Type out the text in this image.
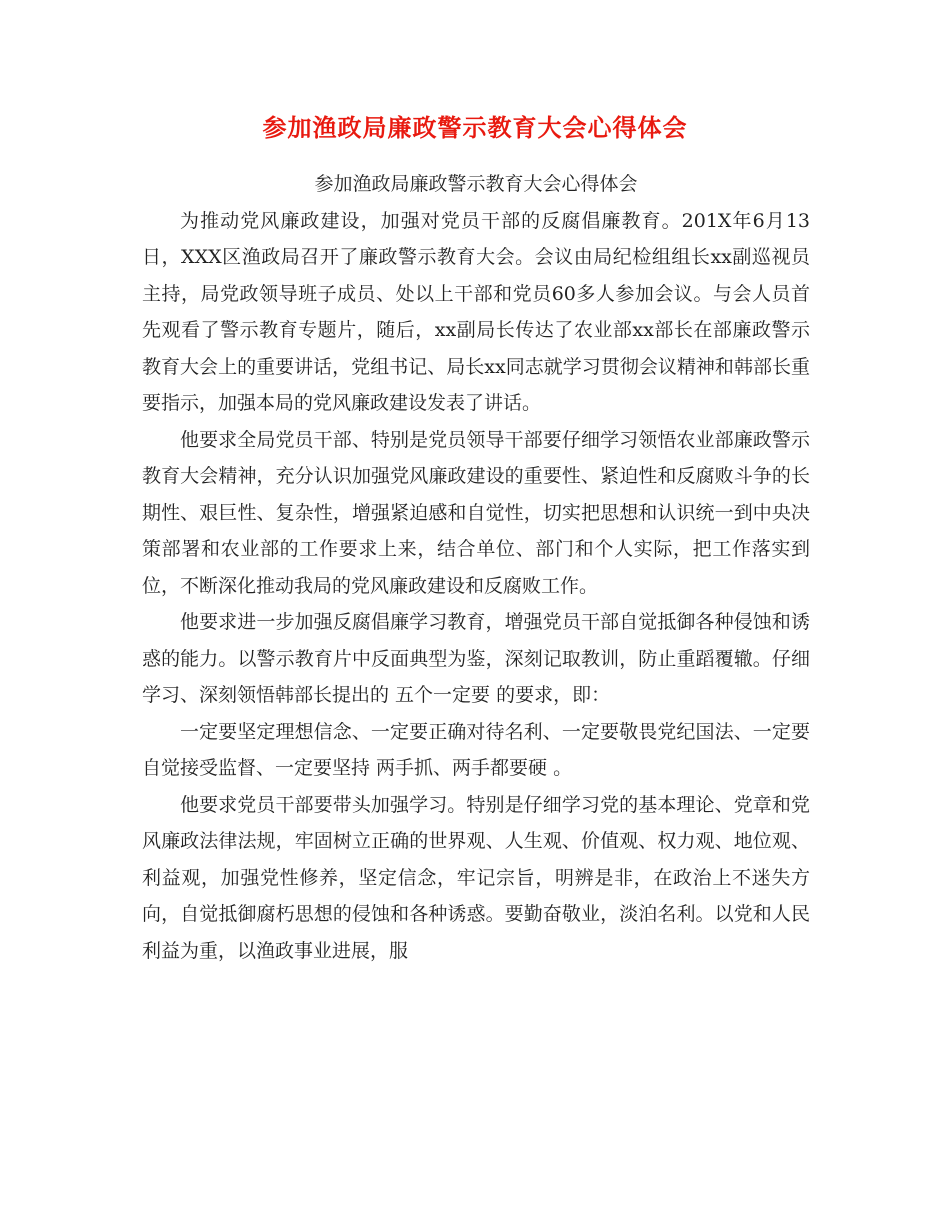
参加渔政局廉政警示教育大会心得体会

参加渔政局廉政警示教育大会心得体会

为推动党风廉政建设，加强对党员干部的反腐倡廉教育。201X年6月13日，XXX区渔政局召开了廉政警示教育大会。会议由局纪检组组长xx副巡视员主持，局党政领导班子成员、处以上干部和党员60多人参加会议。与会人员首先观看了警示教育专题片，随后，xx副局长传达了农业部xx部长在部廉政警示教育大会上的重要讲话，党组书记、局长xx同志就学习贯彻会议精神和韩部长重要指示，加强本局的党风廉政建设发表了讲话。

他要求全局党员干部、特别是党员领导干部要仔细学习领悟农业部廉政警示教育大会精神，充分认识加强党风廉政建设的重要性、紧迫性和反腐败斗争的长期性、艰巨性、复杂性，增强紧迫感和自觉性，切实把思想和认识统一到中央决策部署和农业部的工作要求上来，结合单位、部门和个人实际，把工作落实到位，不断深化推动我局的党风廉政建设和反腐败工作。

他要求进一步加强反腐倡廉学习教育，增强党员干部自觉抵御各种侵蚀和诱惑的能力。以警示教育片中反面典型为鉴，深刻记取教训，防止重蹈覆辙。仔细学习、深刻领悟韩部长提出的 五个一定要 的要求，即：

一定要坚定理想信念、一定要正确对待名利、一定要敬畏党纪国法、一定要自觉接受监督、一定要坚持 两手抓、两手都要硬 。

他要求党员干部要带头加强学习。特别是仔细学习党的基本理论、党章和党风廉政法律法规，牢固树立正确的世界观、人生观、价值观、权力观、地位观、利益观，加强党性修养，坚定信念，牢记宗旨，明辨是非，在政治上不迷失方向，自觉抵御腐朽思想的侵蚀和各种诱惑。要勤奋敬业，淡泊名利。以党和人民利益为重，以渔政事业进展，服
